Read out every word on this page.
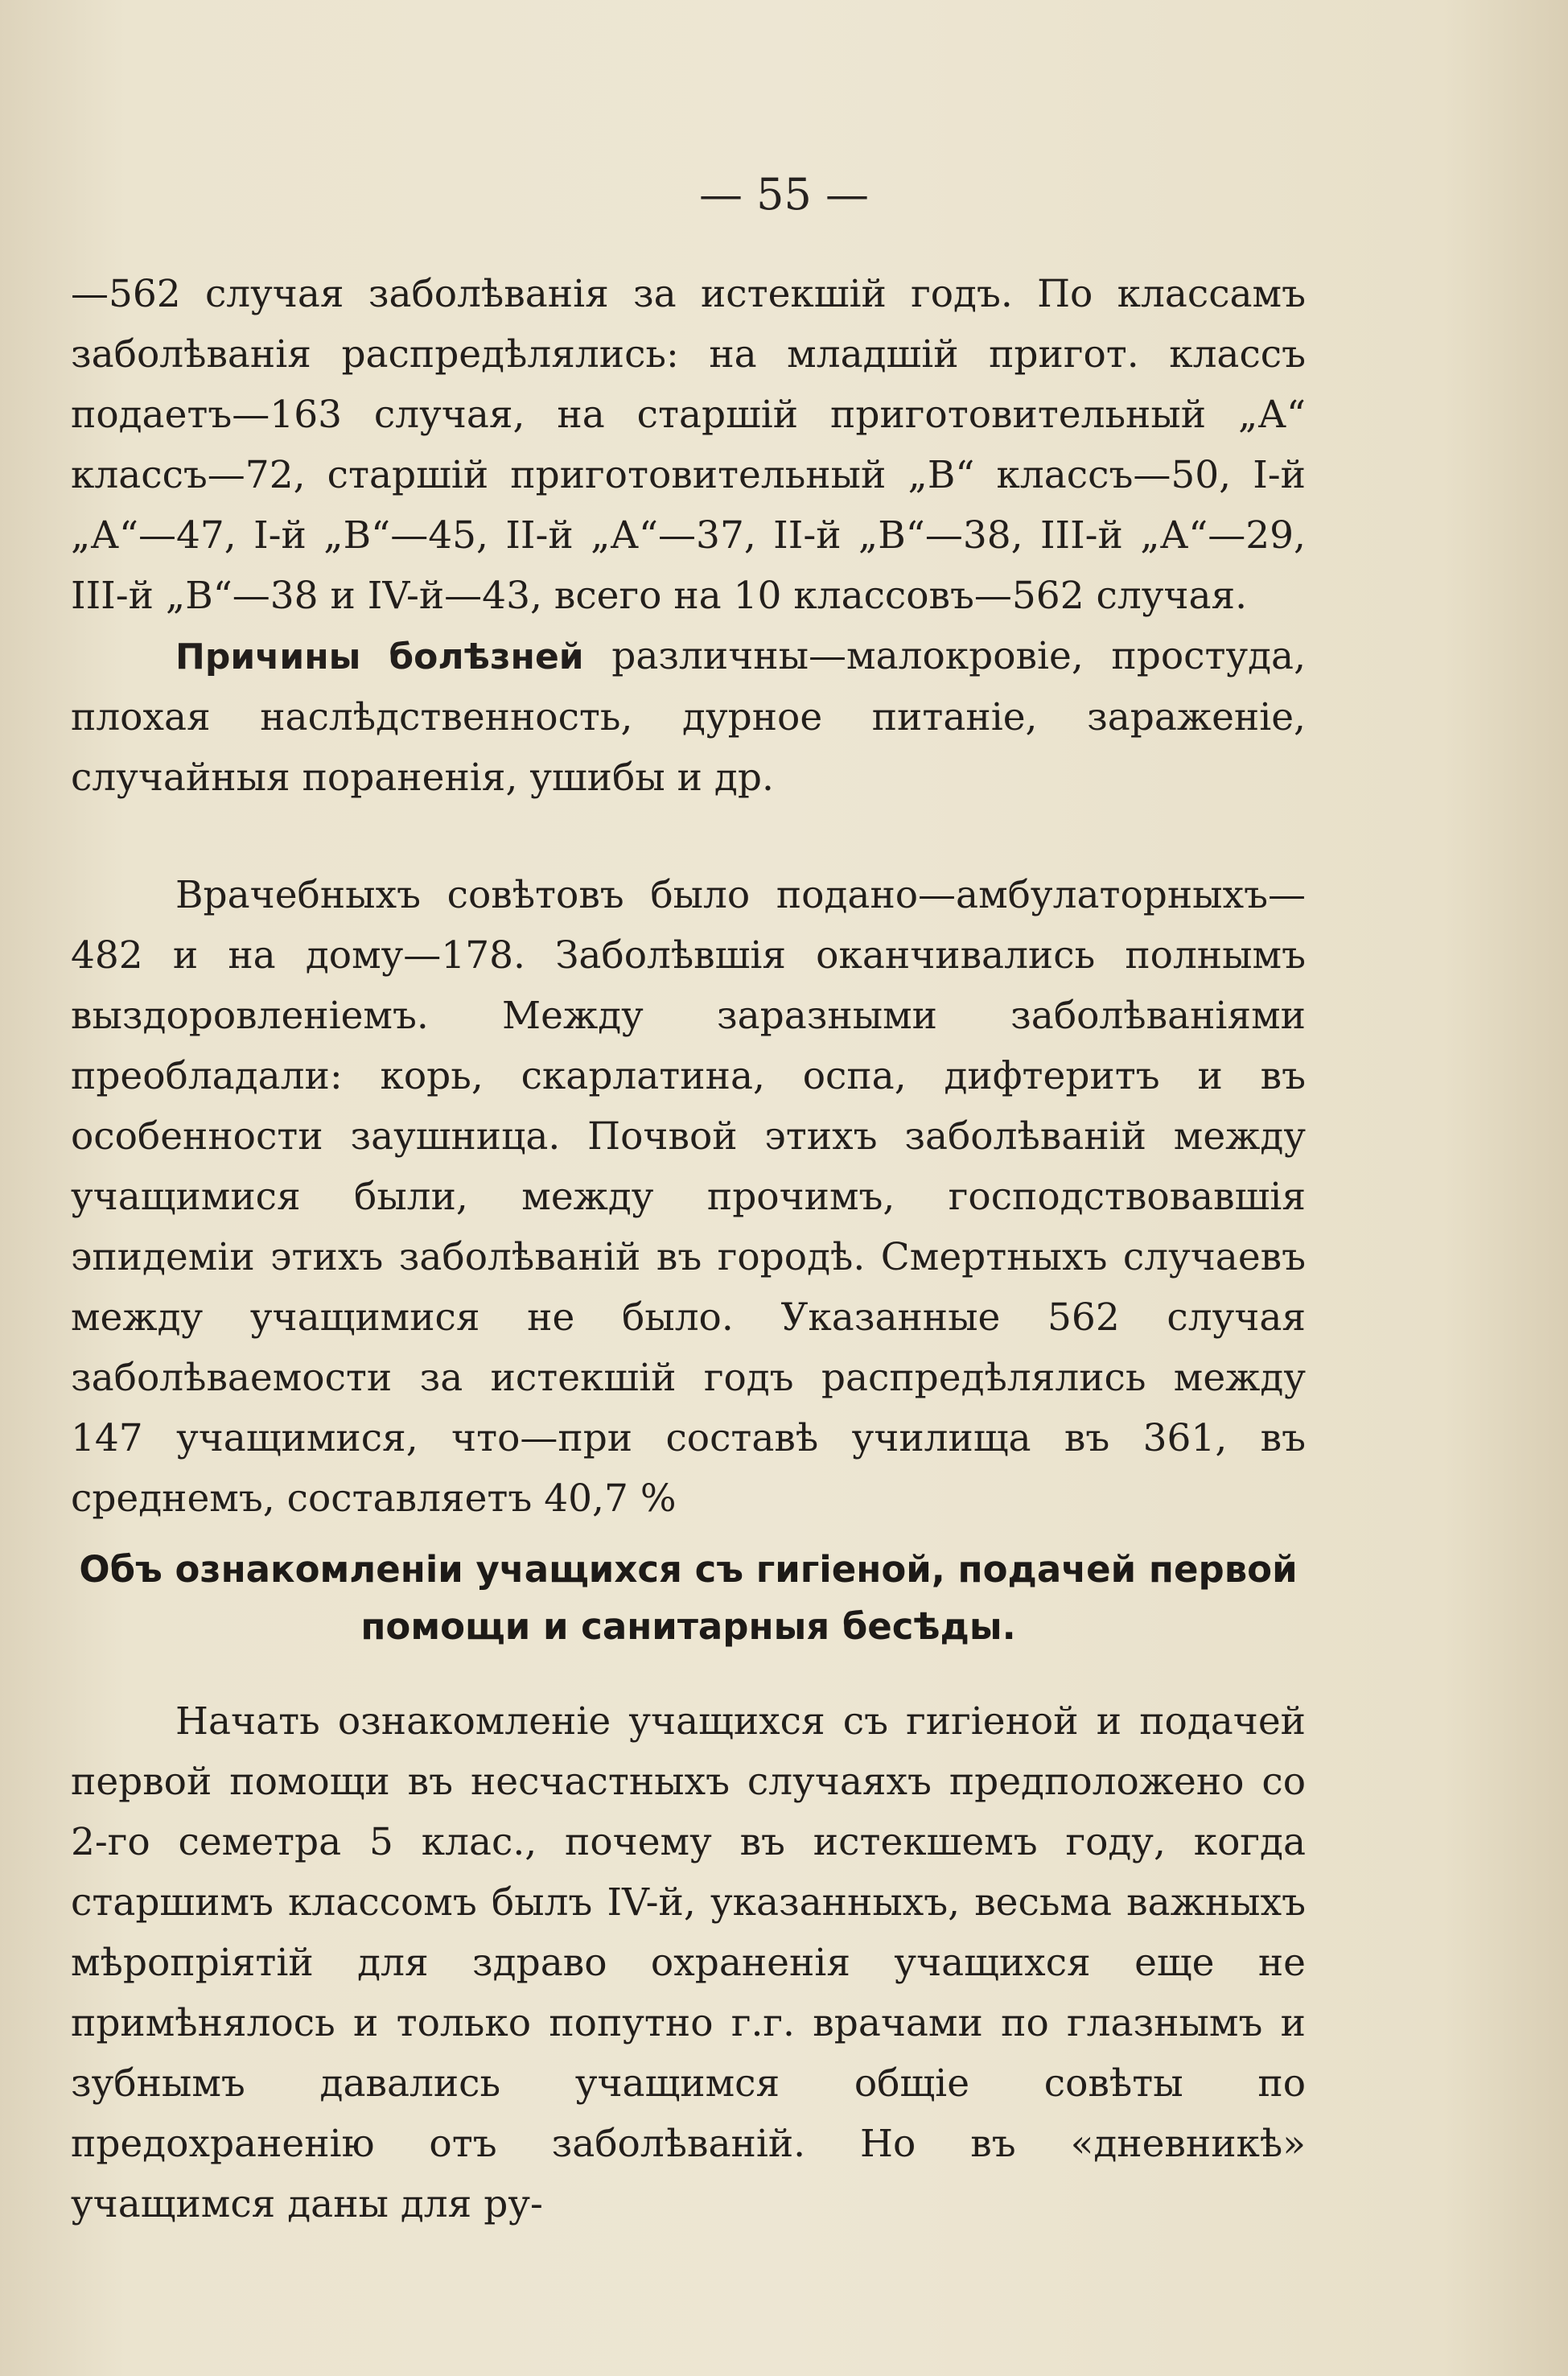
— 55 —

—562 случая заболѣванія за истекшій годъ. По классамъ заболѣванія распредѣлялись: на младшій пригот. классъ подаетъ—163 случая, на старшій приготовительный „А“ классъ—72, старшій приготовительный „В“ классъ—50, I-й „А“—47, I-й „В“—45, II-й „А“—37, II-й „В“—38, III-й „А“—29, III-й „В“—38 и IV-й—43, всего на 10 классовъ—562 случая.

Причины болѣзней различны—малокровіе, простуда, плохая наслѣдственность, дурное питаніе, зараженіе, случайныя пораненія, ушибы и др.

Врачебныхъ совѣтовъ было подано—амбулаторныхъ—482 и на дому—178. Заболѣвшія оканчивались полнымъ выздоровленіемъ. Между заразными заболѣваніями преобладали: корь, скарлатина, оспа, дифтеритъ и въ особенности заушница. Почвой этихъ заболѣваній между учащимися были, между прочимъ, господствовавшія эпидеміи этихъ заболѣваній въ городѣ. Смертныхъ случаевъ между учащимися не было. Указанные 562 случая заболѣваемости за истекшій годъ распредѣлялись между 147 учащимися, что—при составѣ училища въ 361, въ среднемъ, составляетъ 40,7 %

Объ ознакомленіи учащихся съ гигіеной, подачей первой помощи и санитарныя бесѣды.

Начать ознакомленіе учащихся съ гигіеной и подачей первой помощи въ несчастныхъ случаяхъ предположено со 2-го семетра 5 клас., почему въ истекшемъ году, когда старшимъ классомъ былъ IV-й, указанныхъ, весьма важныхъ мѣропріятій для здраво охраненія учащихся еще не примѣнялось и только попутно г.г. врачами по глазнымъ и зубнымъ давались учащимся общіе совѣты по предохраненію отъ заболѣваній. Но въ «дневникѣ» учащимся даны для ру-
